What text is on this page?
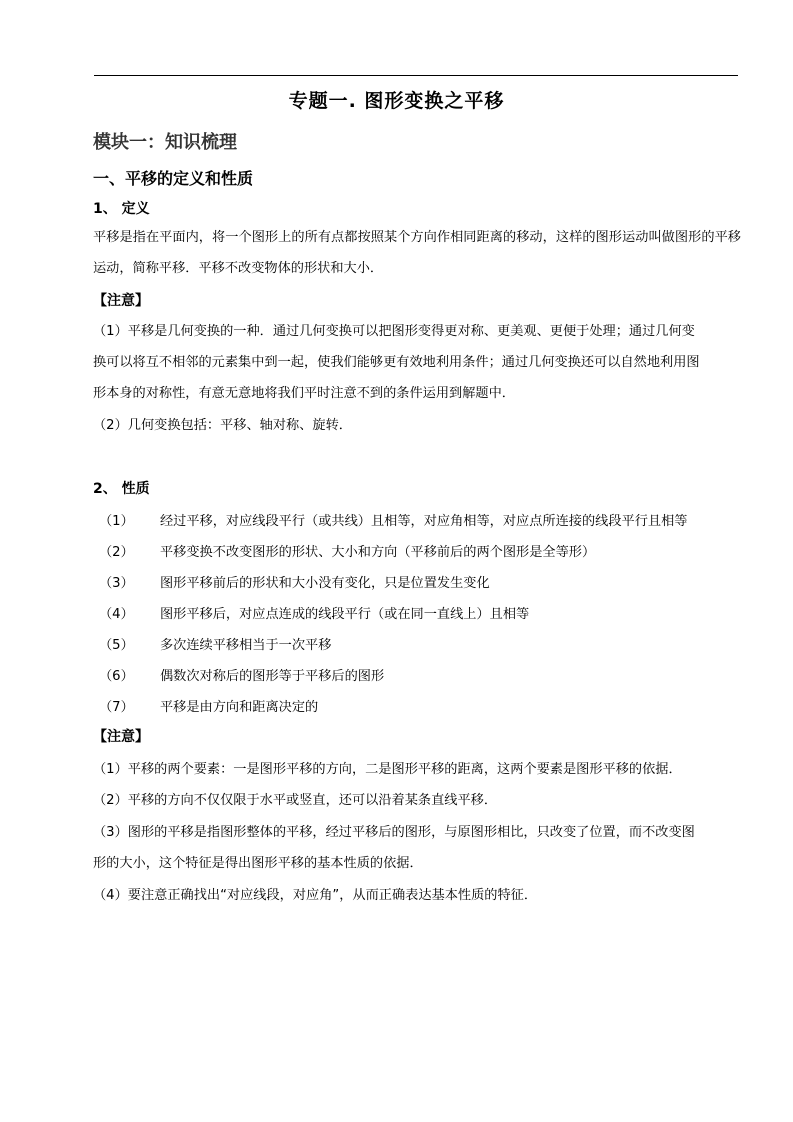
专题一. 图形变换之平移
模块一：知识梳理
一、平移的定义和性质
1、 定义
平移是指在平面内，将一个图形上的所有点都按照某个方向作相同距离的移动，这样的图形运动叫做图形的平移运动，简称平移．平移不改变物体的形状和大小．
【注意】
（1）平移是几何变换的一种．通过几何变换可以把图形变得更对称、更美观、更便于处理；通过几何变
换可以将互不相邻的元素集中到一起，使我们能够更有效地利用条件；通过几何变换还可以自然地利用图
形本身的对称性，有意无意地将我们平时注意不到的条件运用到解题中．
（2）几何变换包括：平移、轴对称、旋转．
2、 性质
（1） 经过平移，对应线段平行（或共线）且相等，对应角相等，对应点所连接的线段平行且相等
（2） 平移变换不改变图形的形状、大小和方向（平移前后的两个图形是全等形）
（3） 图形平移前后的形状和大小没有变化，只是位置发生变化
（4） 图形平移后，对应点连成的线段平行（或在同一直线上）且相等
（5） 多次连续平移相当于一次平移
（6） 偶数次对称后的图形等于平移后的图形
（7） 平移是由方向和距离决定的
【注意】
（1）平移的两个要素：一是图形平移的方向，二是图形平移的距离，这两个要素是图形平移的依据．
（2）平移的方向不仅仅限于水平或竖直，还可以沿着某条直线平移．
（3）图形的平移是指图形整体的平移，经过平移后的图形，与原图形相比，只改变了位置，而不改变图
形的大小，这个特征是得出图形平移的基本性质的依据．
（4）要注意正确找出“对应线段，对应角”，从而正确表达基本性质的特征．
